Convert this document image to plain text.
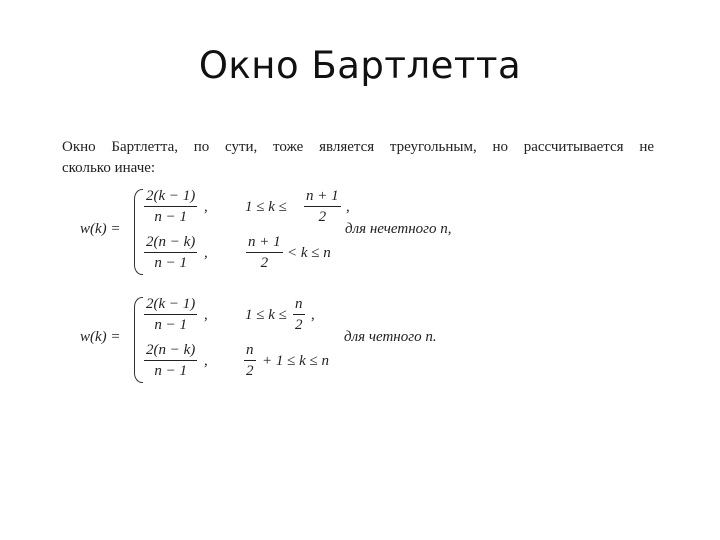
Окно Бартлетта
Окно Бартлетта, по сути, тоже является треугольным, но рассчитывается не
сколько иначе:
w(k) =
2(k − 1)
n − 1
, 1 ≤ k ≤
n + 1
2
,
для нечетного n,
2(n − k)
n − 1
,
n + 1
2
< k ≤ n
w(k) =
2(k − 1)
n − 1
, 1 ≤ k ≤
n
2
,
для четного n.
2(n − k)
n − 1
,
n
2
+ 1 ≤ k ≤ n
